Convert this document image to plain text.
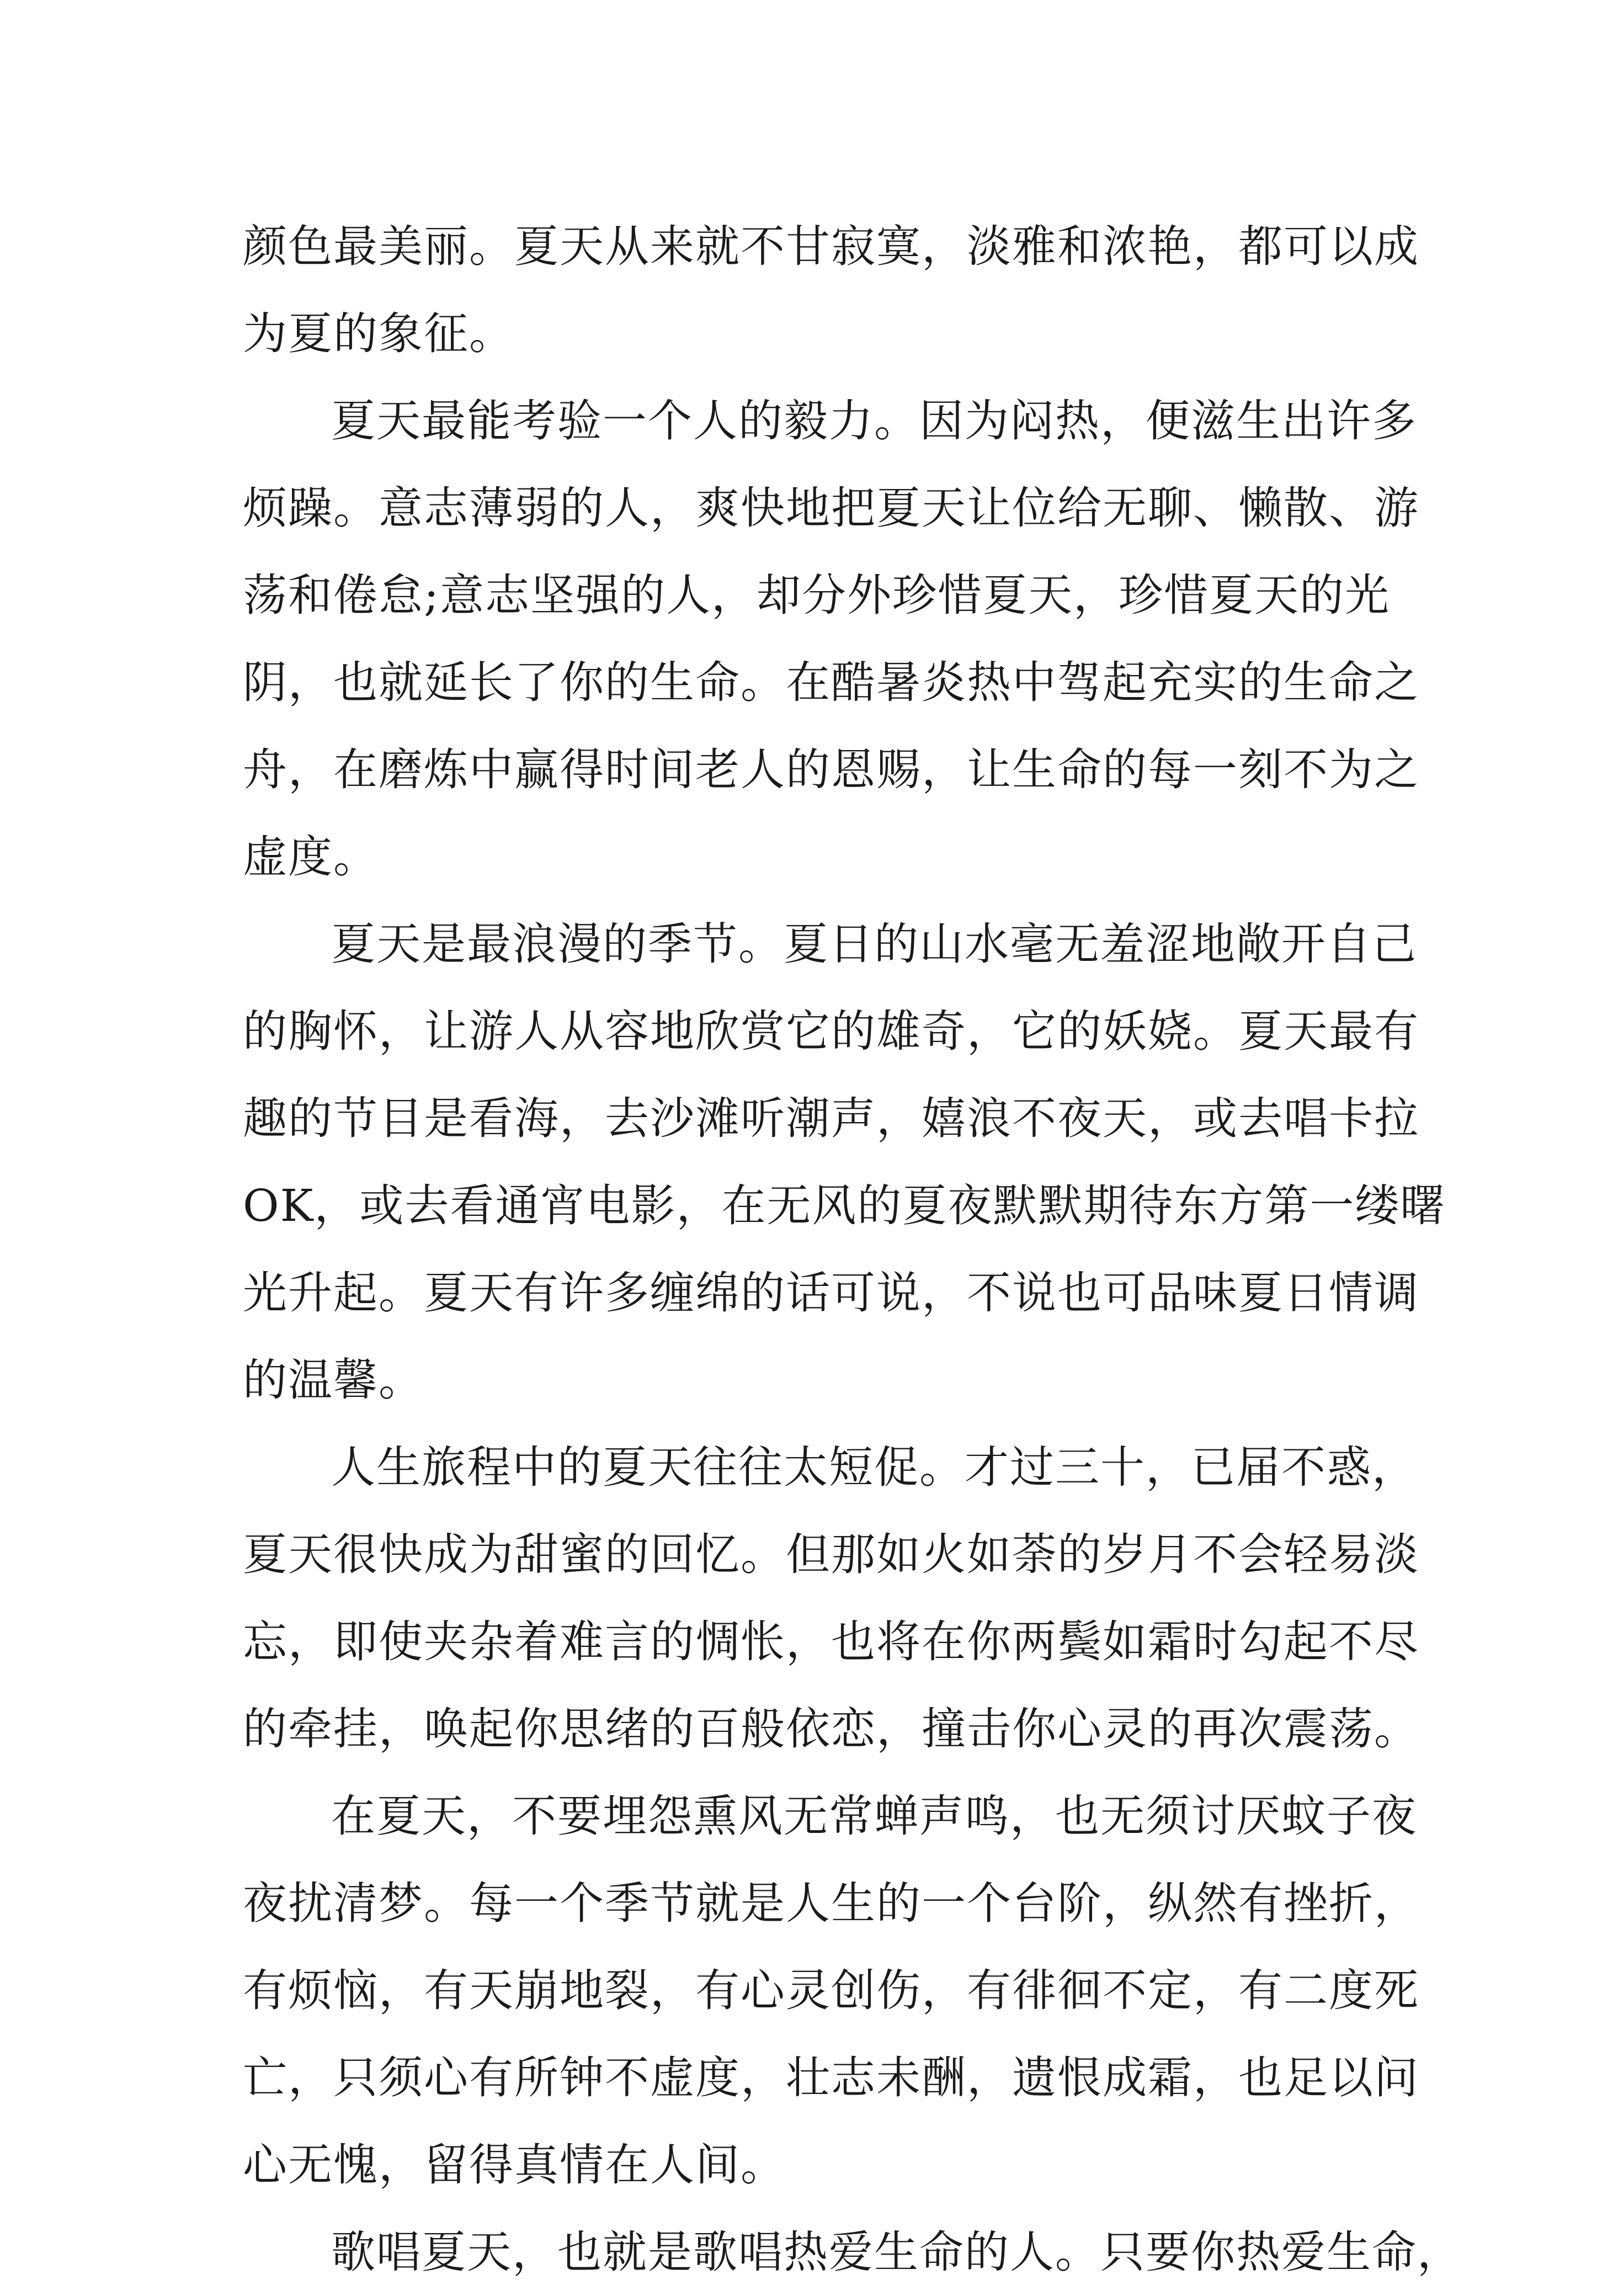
颜色最美丽。夏天从来就不甘寂寞，淡雅和浓艳，都可以成
为夏的象征。
夏天最能考验一个人的毅力。因为闷热，便滋生出许多
烦躁。意志薄弱的人，爽快地把夏天让位给无聊、懒散、游
荡和倦怠;意志坚强的人，却分外珍惜夏天，珍惜夏天的光
阴，也就延长了你的生命。在酷暑炎热中驾起充实的生命之
舟，在磨炼中赢得时间老人的恩赐，让生命的每一刻不为之
虚度。
夏天是最浪漫的季节。夏日的山水毫无羞涩地敞开自己
的胸怀，让游人从容地欣赏它的雄奇，它的妖娆。夏天最有
趣的节目是看海，去沙滩听潮声，嬉浪不夜天，或去唱卡拉
OK，或去看通宵电影，在无风的夏夜默默期待东方第一缕曙
光升起。夏天有许多缠绵的话可说，不说也可品味夏日情调
的温馨。
人生旅程中的夏天往往太短促。才过三十，已届不惑，
夏天很快成为甜蜜的回忆。但那如火如荼的岁月不会轻易淡
忘，即使夹杂着难言的惆怅，也将在你两鬓如霜时勾起不尽
的牵挂，唤起你思绪的百般依恋，撞击你心灵的再次震荡。
在夏天，不要埋怨熏风无常蝉声鸣，也无须讨厌蚊子夜
夜扰清梦。每一个季节就是人生的一个台阶，纵然有挫折，
有烦恼，有天崩地裂，有心灵创伤，有徘徊不定，有二度死
亡，只须心有所钟不虚度，壮志未酬，遗恨成霜，也足以问
心无愧，留得真情在人间。
歌唱夏天，也就是歌唱热爱生命的人。只要你热爱生命，
